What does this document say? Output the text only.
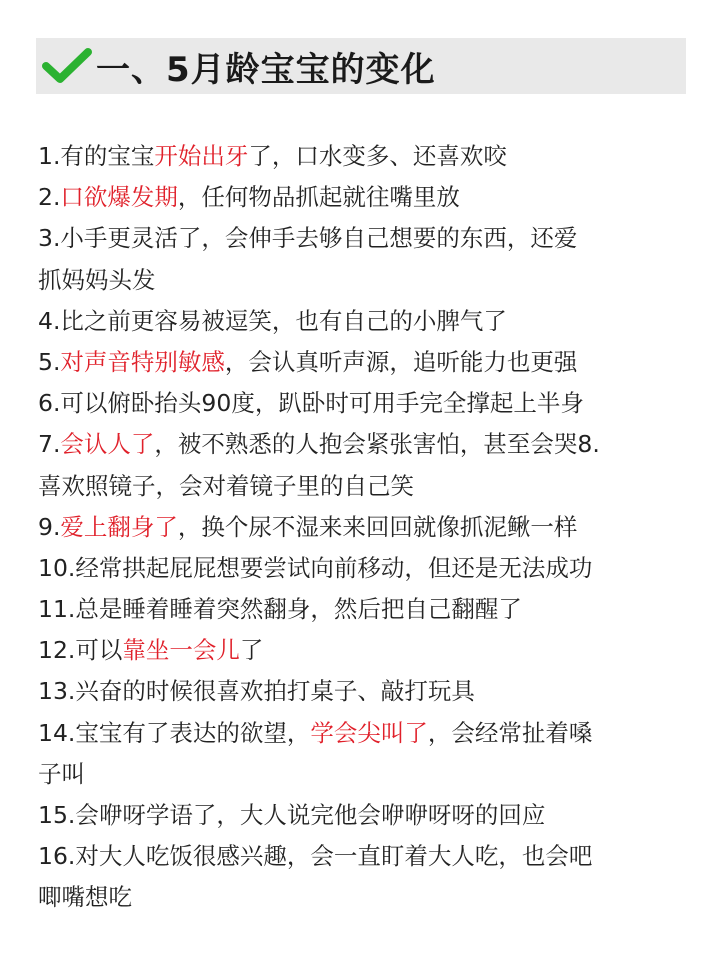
一、5月龄宝宝的变化
1.有的宝宝开始出牙了，口水变多、还喜欢咬
2.口欲爆发期，任何物品抓起就往嘴里放
3.小手更灵活了，会伸手去够自己想要的东西，还爱
抓妈妈头发
4.比之前更容易被逗笑，也有自己的小脾气了
5.对声音特别敏感，会认真听声源，追听能力也更强
6.可以俯卧抬头90度，趴卧时可用手完全撑起上半身
7.会认人了，被不熟悉的人抱会紧张害怕，甚至会哭8.
喜欢照镜子，会对着镜子里的自己笑
9.爱上翻身了，换个尿不湿来来回回就像抓泥鳅一样
10.经常拱起屁屁想要尝试向前移动，但还是无法成功
11.总是睡着睡着突然翻身，然后把自己翻醒了
12.可以靠坐一会儿了
13.兴奋的时候很喜欢拍打桌子、敲打玩具
14.宝宝有了表达的欲望，学会尖叫了，会经常扯着嗓
子叫
15.会咿呀学语了，大人说完他会咿咿呀呀的回应
16.对大人吃饭很感兴趣，会一直盯着大人吃，也会吧
唧嘴想吃
